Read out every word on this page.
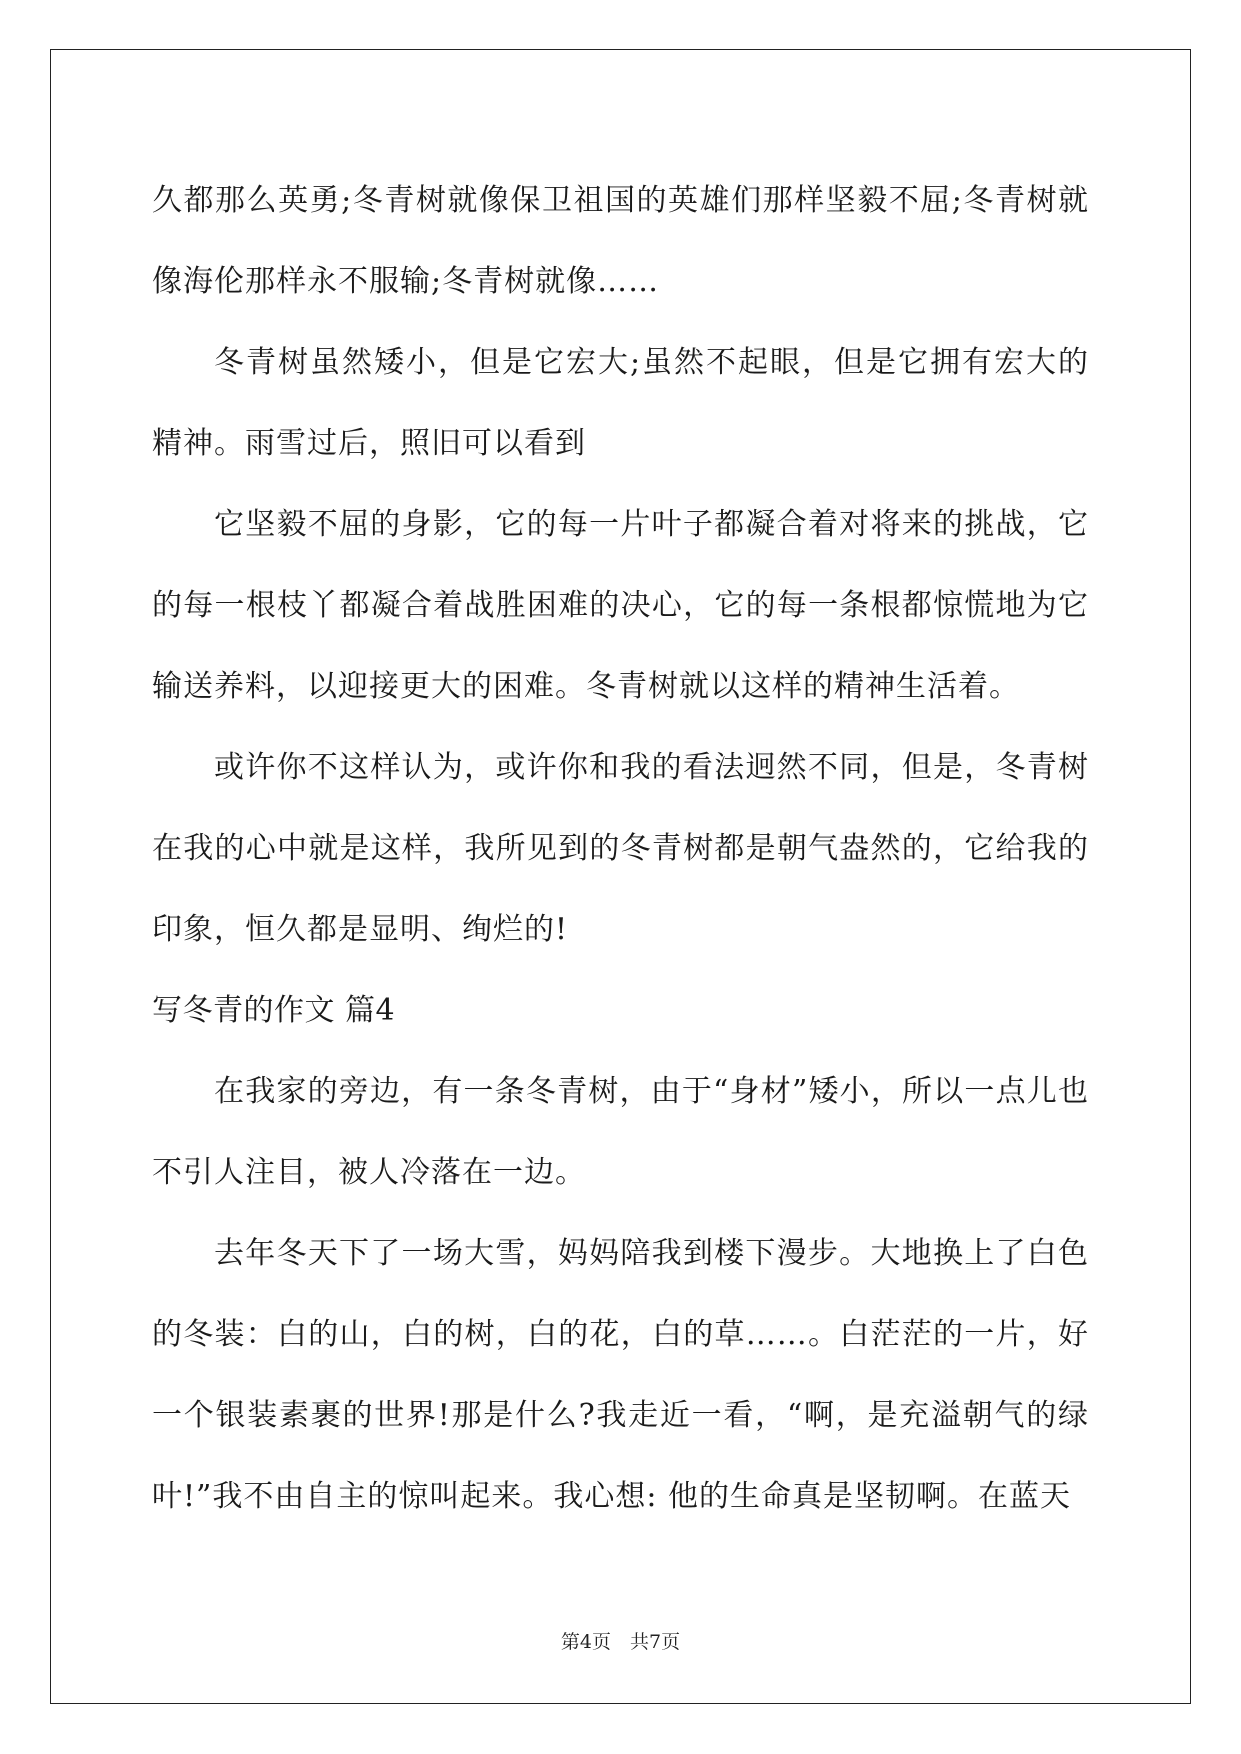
久都那么英勇;冬青树就像保卫祖国的英雄们那样坚毅不屈;冬青树就像海伦那样永不服输;冬青树就像……

冬青树虽然矮小，但是它宏大;虽然不起眼，但是它拥有宏大的精神。雨雪过后，照旧可以看到

它坚毅不屈的身影，它的每一片叶子都凝合着对将来的挑战，它的每一根枝丫都凝合着战胜困难的决心，它的每一条根都惊慌地为它输送养料，以迎接更大的困难。冬青树就以这样的精神生活着。

或许你不这样认为，或许你和我的看法迥然不同，但是，冬青树在我的心中就是这样，我所见到的冬青树都是朝气盎然的，它给我的印象，恒久都是显明、绚烂的!

写冬青的作文 篇4

在我家的旁边，有一条冬青树，由于“身材”矮小，所以一点儿也不引人注目，被人冷落在一边。

去年冬天下了一场大雪，妈妈陪我到楼下漫步。大地换上了白色的冬装：白的山，白的树，白的花，白的草……。白茫茫的一片，好一个银装素裹的世界!那是什么?我走近一看，“啊，是充溢朝气的绿叶!”我不由自主的惊叫起来。我心想: 他的生命真是坚韧啊。在蓝天

第4页　共7页
